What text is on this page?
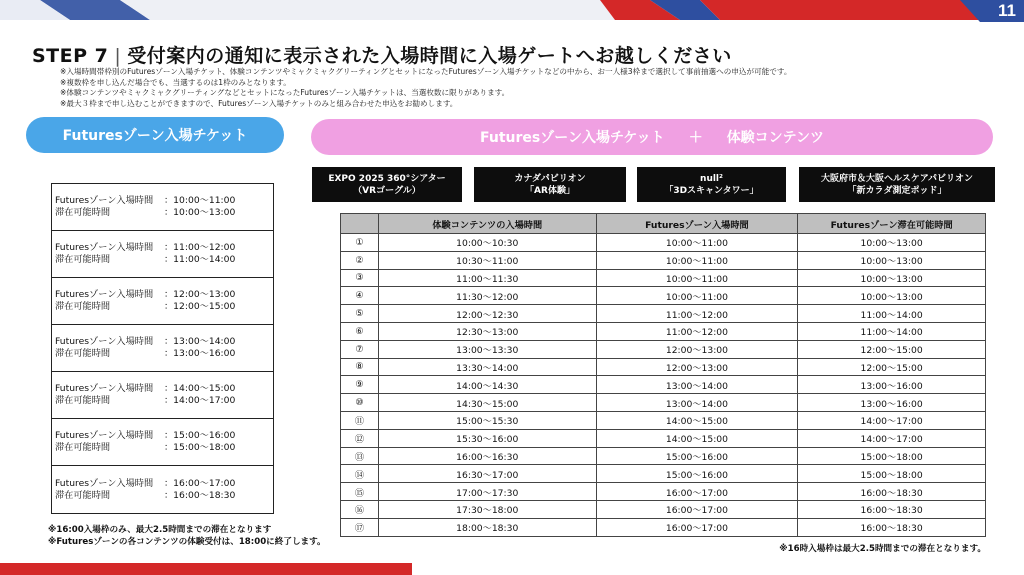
11
STEP 7 | 受付案内の通知に表示された入場時間に入場ゲートへお越しください
※入場時間帯枠別のFuturesゾーン入場チケット、体験コンテンツやミャクミャクグリーティングとセットになったFuturesゾーン入場チケットなどの中から、お一人様3枠まで選択して事前抽選への申込が可能です。
※複数枠を申し込んだ場合でも、当選するのは1枠のみとなります。
※体験コンテンツやミャクミャクグリーティングなどとセットになったFuturesゾーン入場チケットは、当選枚数に限りがあります。
※最大３枠まで申し込むことができますので、Futuresゾーン入場チケットのみと組み合わせた申込をお勧めします。
Futuresゾーン入場チケット	Futuresゾーン入場チケット ＋ 体験コンテンツ
EXPO 2025 360°シアター
（VRゴーグル）
カナダパビリオン
「AR体験」
null²
「3Dスキャンタワー」
大阪府市＆大阪ヘルスケアパビリオン
「新カラダ測定ポッド」
Futuresゾーン入場時間 ：10:00～11:00
滞在可能時間	：10:00～13:00
Futuresゾーン入場時間 ：11:00～12:00
滞在可能時間	：11:00～14:00
Futuresゾーン入場時間 ：12:00～13:00
滞在可能時間	：12:00～15:00
Futuresゾーン入場時間 ：13:00～14:00
滞在可能時間	：13:00～16:00
Futuresゾーン入場時間 ：14:00～15:00
滞在可能時間	：14:00～17:00
Futuresゾーン入場時間 ：15:00～16:00
滞在可能時間	：15:00～18:00
Futuresゾーン入場時間 ：16:00～17:00
滞在可能時間	：16:00～18:30
※16:00入場枠のみ、最大2.5時間までの滞在となります
※Futuresゾーンの各コンテンツの体験受付は、18:00に終了します。
	体験コンテンツの入場時間	Futuresゾーン入場時間	Futuresゾーン滞在可能時間
①	10:00～10:30	10:00～11:00	10:00～13:00
②	10:30～11:00	10:00～11:00	10:00～13:00
③	11:00～11:30	10:00～11:00	10:00～13:00
④	11:30～12:00	10:00～11:00	10:00～13:00
⑤	12:00～12:30	11:00～12:00	11:00～14:00
⑥	12:30～13:00	11:00～12:00	11:00～14:00
⑦	13:00～13:30	12:00～13:00	12:00～15:00
⑧	13:30～14:00	12:00～13:00	12:00～15:00
⑨	14:00～14:30	13:00～14:00	13:00～16:00
⑩	14:30～15:00	13:00～14:00	13:00～16:00
⑪	15:00～15:30	14:00～15:00	14:00～17:00
⑫	15:30～16:00	14:00～15:00	14:00～17:00
⑬	16:00～16:30	15:00～16:00	15:00～18:00
⑭	16:30～17:00	15:00～16:00	15:00～18:00
⑮	17:00～17:30	16:00～17:00	16:00～18:30
⑯	17:30～18:00	16:00～17:00	16:00～18:30
⑰	18:00～18:30	16:00～17:00	16:00～18:30
※16時入場枠は最大2.5時間までの滞在となります。
